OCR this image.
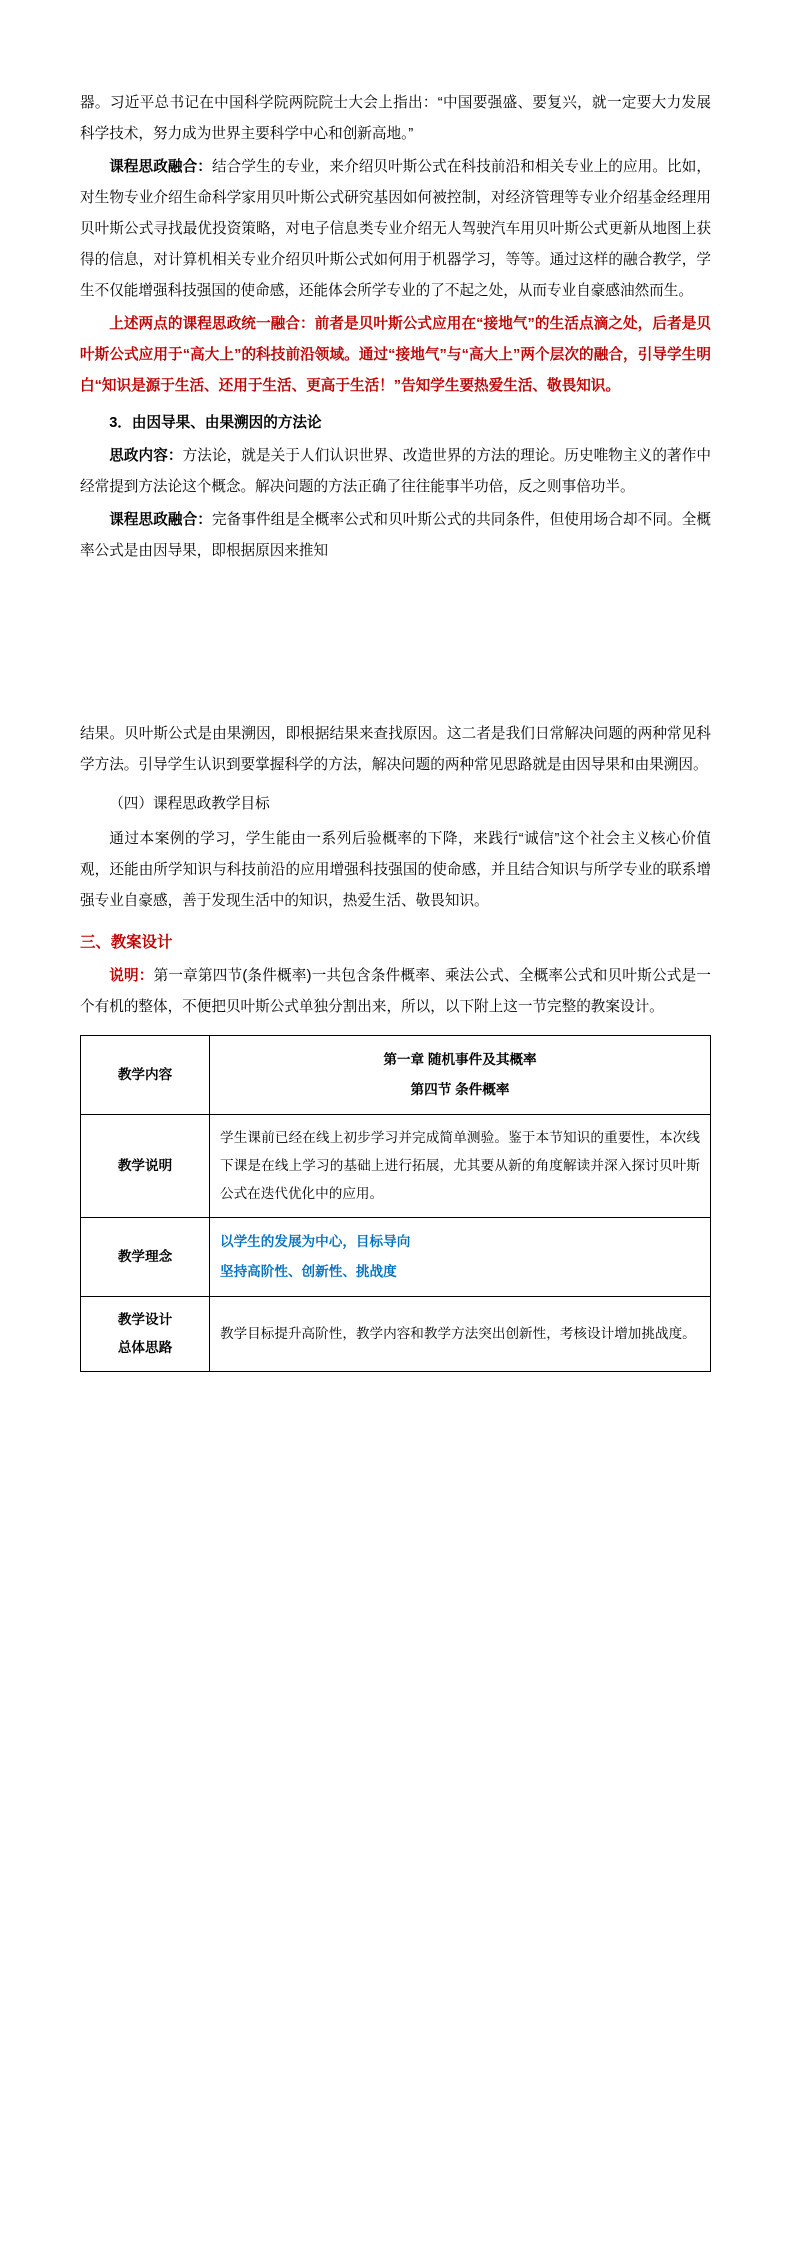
器。习近平总书记在中国科学院两院院士大会上指出：“中国要强盛、要复兴，就一定要大力发展科学技术，努力成为世界主要科学中心和创新高地。”

课程思政融合：结合学生的专业，来介绍贝叶斯公式在科技前沿和相关专业上的应用。比如，对生物专业介绍生命科学家用贝叶斯公式研究基因如何被控制，对经济管理等专业介绍基金经理用贝叶斯公式寻找最优投资策略，对电子信息类专业介绍无人驾驶汽车用贝叶斯公式更新从地图上获得的信息，对计算机相关专业介绍贝叶斯公式如何用于机器学习，等等。通过这样的融合教学，学生不仅能增强科技强国的使命感，还能体会所学专业的了不起之处，从而专业自豪感油然而生。

上述两点的课程思政统一融合：前者是贝叶斯公式应用在“接地气”的生活点滴之处，后者是贝叶斯公式应用于“高大上”的科技前沿领域。通过“接地气”与“高大上”两个层次的融合，引导学生明白“知识是源于生活、还用于生活、更高于生活！”告知学生要热爱生活、敬畏知识。

3．由因导果、由果溯因的方法论

思政内容：方法论，就是关于人们认识世界、改造世界的方法的理论。历史唯物主义的著作中经常提到方法论这个概念。解决问题的方法正确了往往能事半功倍，反之则事倍功半。

课程思政融合：完备事件组是全概率公式和贝叶斯公式的共同条件，但使用场合却不同。全概率公式是由因导果，即根据原因来推知

结果。贝叶斯公式是由果溯因，即根据结果来查找原因。这二者是我们日常解决问题的两种常见科学方法。引导学生认识到要掌握科学的方法，解决问题的两种常见思路就是由因导果和由果溯因。

（四）课程思政教学目标

通过本案例的学习，学生能由一系列后验概率的下降，来践行“诚信”这个社会主义核心价值观，还能由所学知识与科技前沿的应用增强科技强国的使命感，并且结合知识与所学专业的联系增强专业自豪感，善于发现生活中的知识，热爱生活、敬畏知识。

三、教案设计

说明：第一章第四节(条件概率)一共包含条件概率、乘法公式、全概率公式和贝叶斯公式是一个有机的整体，不便把贝叶斯公式单独分割出来，所以，以下附上这一节完整的教案设计。

教学内容	第一章 随机事件及其概率
第四节 条件概率

教学说明	学生课前已经在线上初步学习并完成简单测验。鉴于本节知识的重要性，本次线下课是在线上学习的基础上进行拓展，尤其要从新的角度解读并深入探讨贝叶斯公式在迭代优化中的应用。
教学理念	以学生的发展为中心，目标导向
坚持高阶性、创新性、挑战度

教学设计
总体思路	教学目标提升高阶性，教学内容和教学方法突出创新性，考核设计增加挑战度。
